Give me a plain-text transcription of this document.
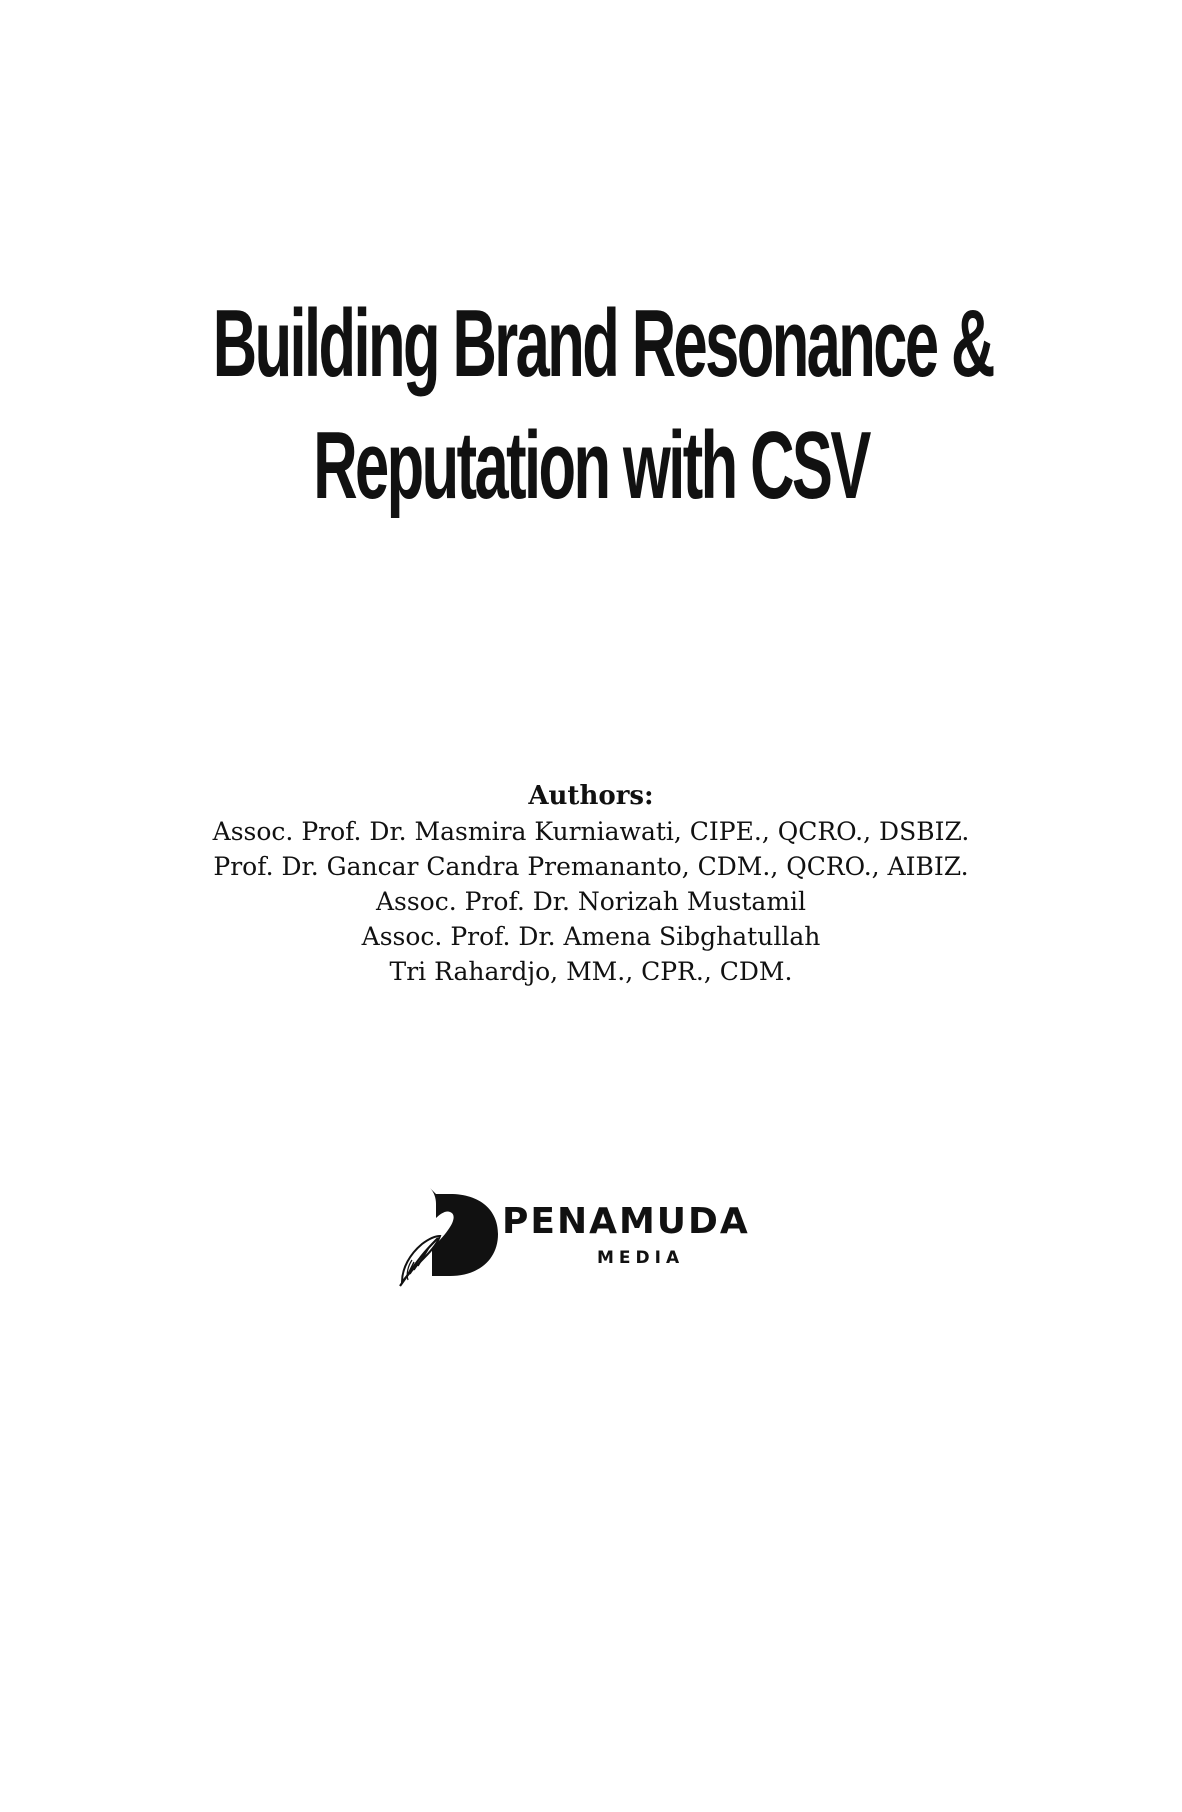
Building Brand Resonance &
Reputation with CSV

Authors:

Assoc. Prof. Dr. Masmira Kurniawati, CIPE., QCRO., DSBIZ.
Prof. Dr. Gancar Candra Premananto, CDM., QCRO., AIBIZ.
Assoc. Prof. Dr. Norizah Mustamil
Assoc. Prof. Dr. Amena Sibghatullah
Tri Rahardjo, MM., CPR., CDM.
PENAMUDA
MEDIA
